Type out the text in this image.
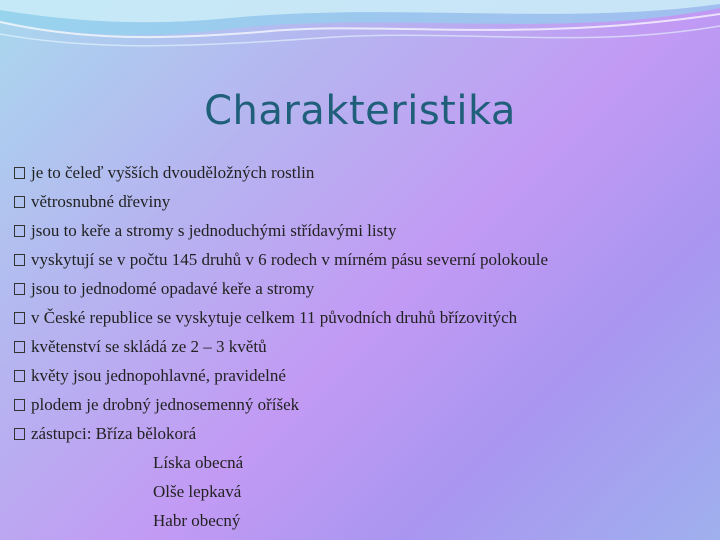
Charakteristika
je to čeleď vyšších dvouděložných rostlin
větrosnubné dřeviny
jsou to keře a stromy s jednoduchými střídavými listy
vyskytují se v počtu 145 druhů v 6 rodech v mírném pásu severní polokoule
jsou to jednodomé opadavé keře a stromy
v České republice se vyskytuje celkem 11 původních druhů břízovitých
květenství se skládá ze 2 – 3 květů
květy jsou jednopohlavné, pravidelné
plodem je drobný jednosemenný oříšek
zástupci: Bříza bělokorá
Líska obecná
Olše lepkavá
Habr obecný
